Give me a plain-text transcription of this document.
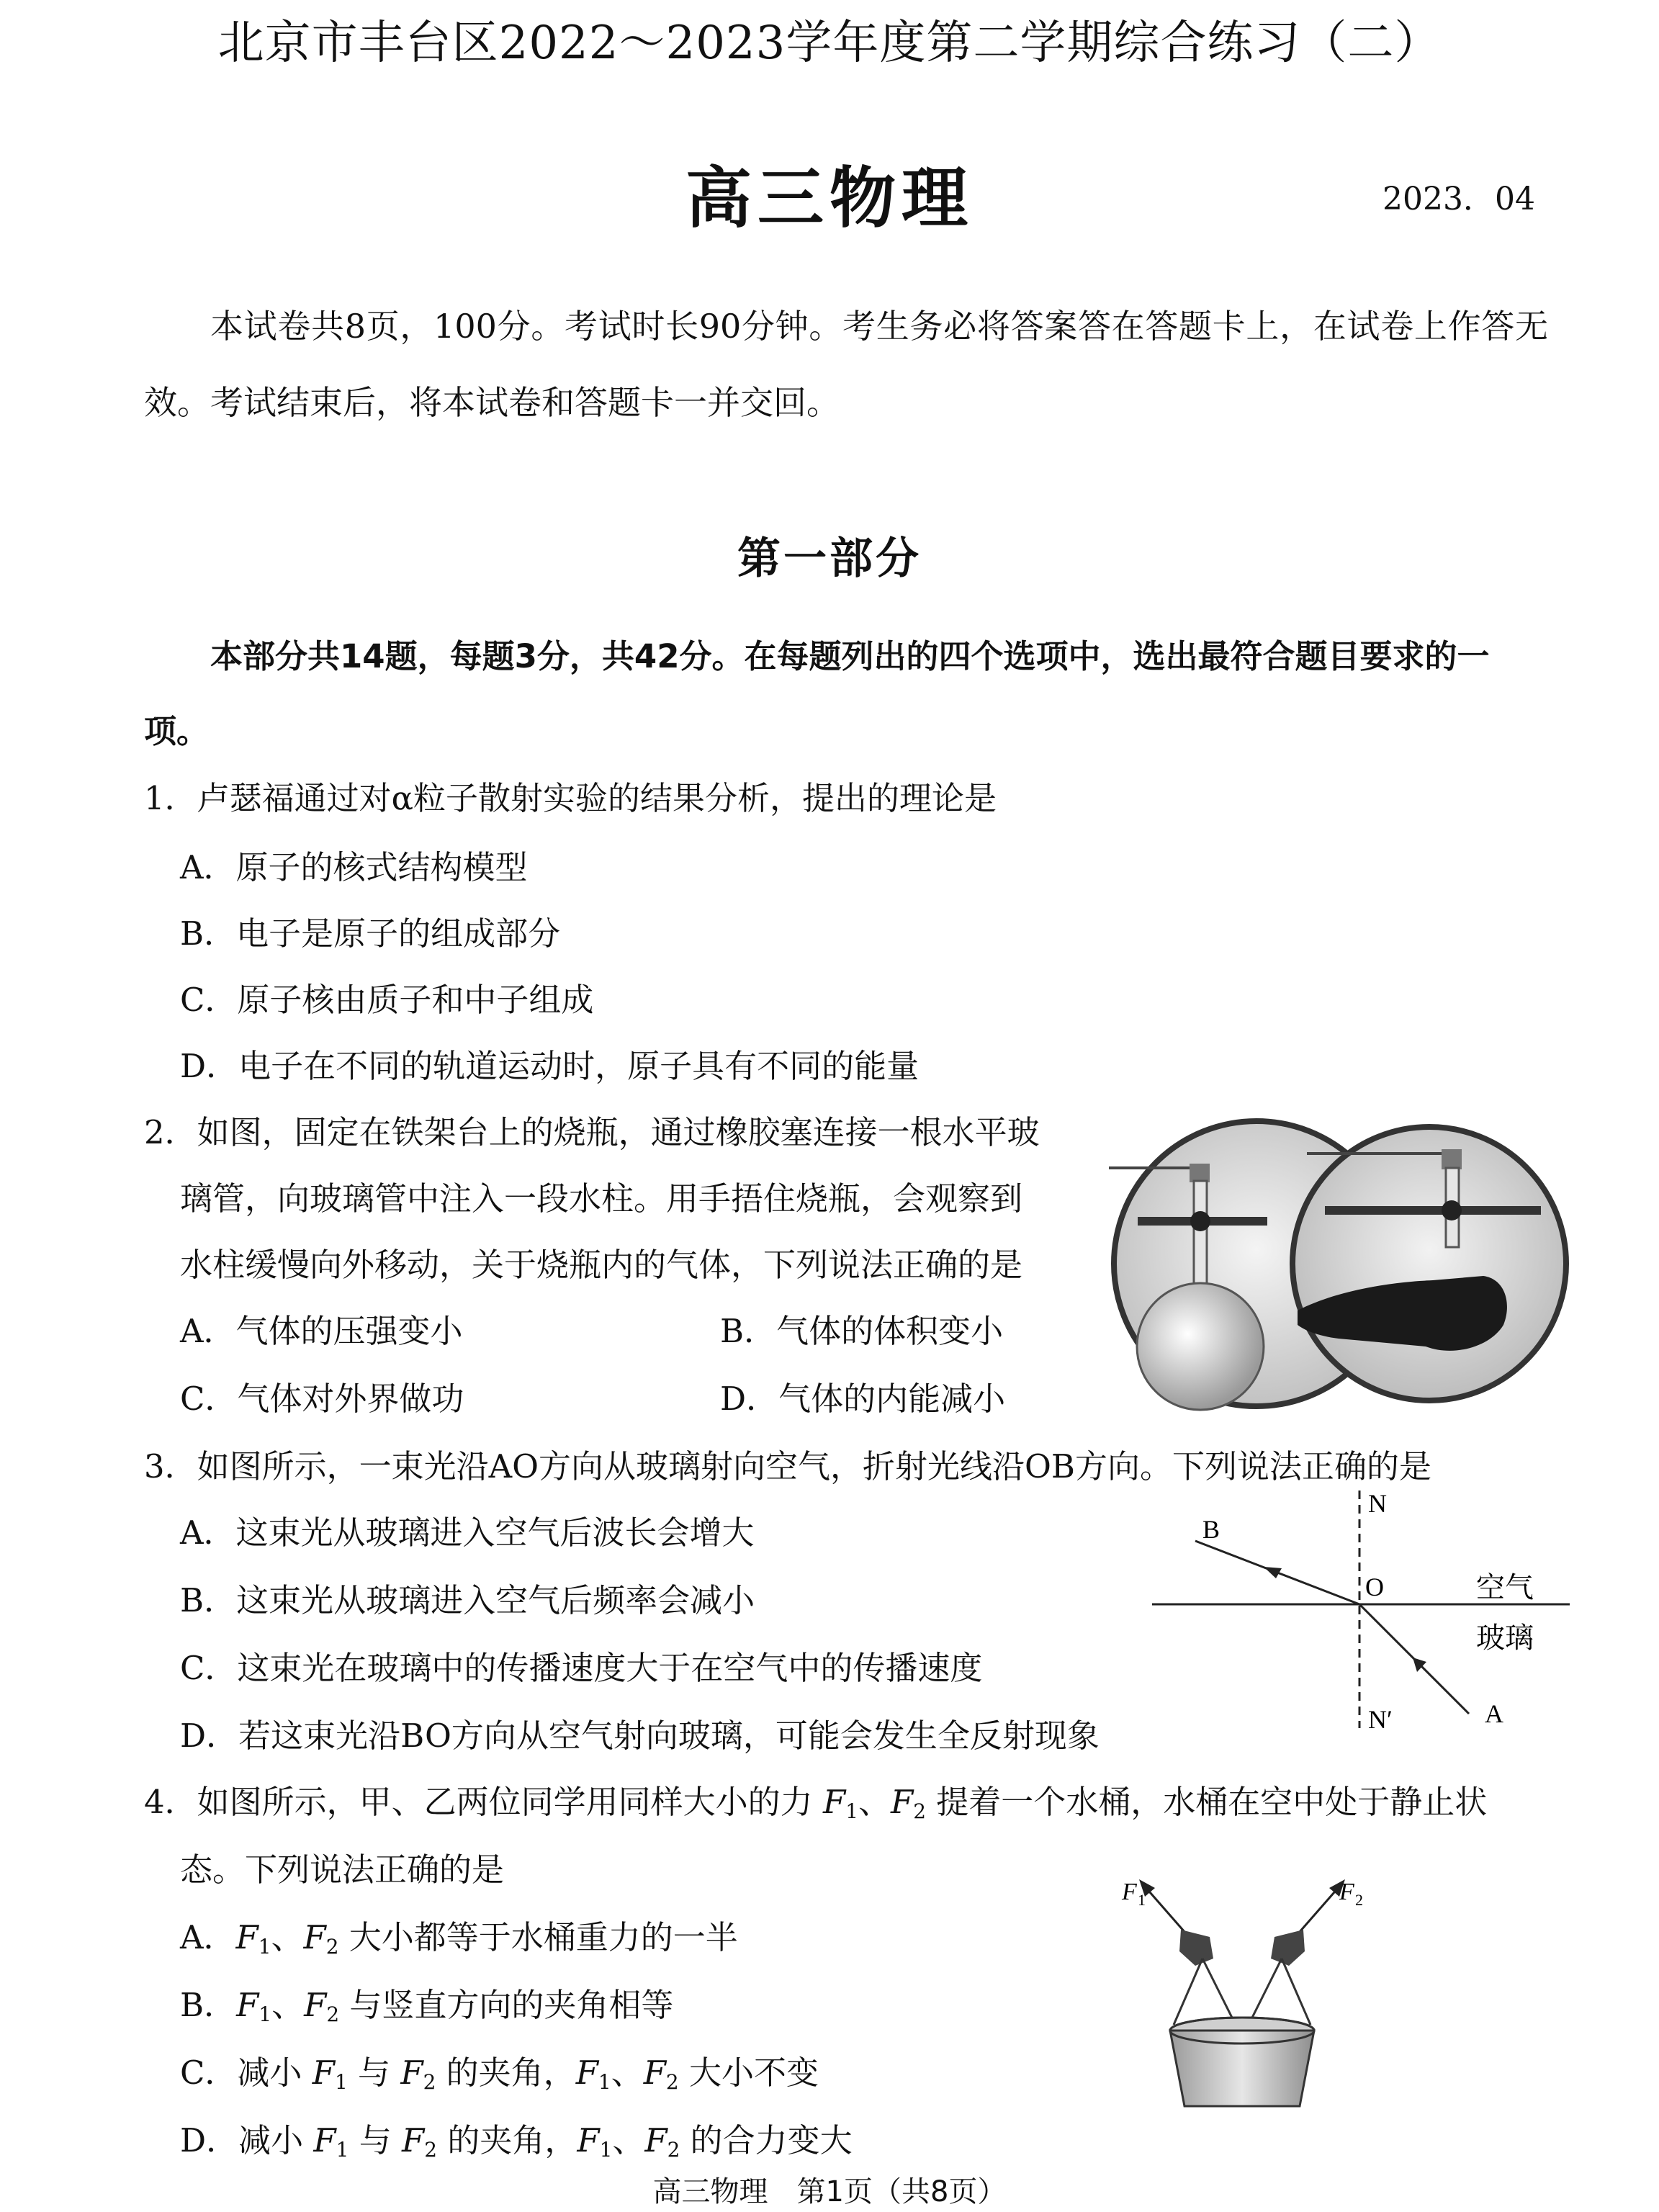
北京市丰台区2022～2023学年度第二学期综合练习（二）
高三物理	2023．04
本试卷共8页，100分。考试时长90分钟。考生务必将答案答在答题卡上，在试卷上作答无效。考试结束后，将本试卷和答题卡一并交回。
第一部分
本部分共14题，每题3分，共42分。在每题列出的四个选项中，选出最符合题目要求的一项。
1．卢瑟福通过对α粒子散射实验的结果分析，提出的理论是
A．原子的核式结构模型
B．电子是原子的组成部分
C．原子核由质子和中子组成
D．电子在不同的轨道运动时，原子具有不同的能量
2．如图，固定在铁架台上的烧瓶，通过橡胶塞连接一根水平玻
璃管，向玻璃管中注入一段水柱。用手捂住烧瓶，会观察到
水柱缓慢向外移动，关于烧瓶内的气体，下列说法正确的是
A．气体的压强变小	B．气体的体积变小
C．气体对外界做功	D．气体的内能减小
3．如图所示，一束光沿AO方向从玻璃射向空气，折射光线沿OB方向。下列说法正确的是
A．这束光从玻璃进入空气后波长会增大
B．这束光从玻璃进入空气后频率会减小
C．这束光在玻璃中的传播速度大于在空气中的传播速度
D．若这束光沿BO方向从空气射向玻璃，可能会发生全反射现象
N
N′
O
B
A
空气
玻璃
4．如图所示，甲、乙两位同学用同样大小的力 $F_1$、$F_2$ 提着一个水桶，水桶在空中处于静止状
态。下列说法正确的是
A．$F_1$、$F_2$ 大小都等于水桶重力的一半
B．$F_1$、$F_2$ 与竖直方向的夹角相等
C．减小 $F_1$ 与 $F_2$ 的夹角，$F_1$、$F_2$ 大小不变
D．减小 $F_1$ 与 $F_2$ 的夹角，$F_1$、$F_2$ 的合力变大
F 1	F 2
高三物理　第1页（共8页）
